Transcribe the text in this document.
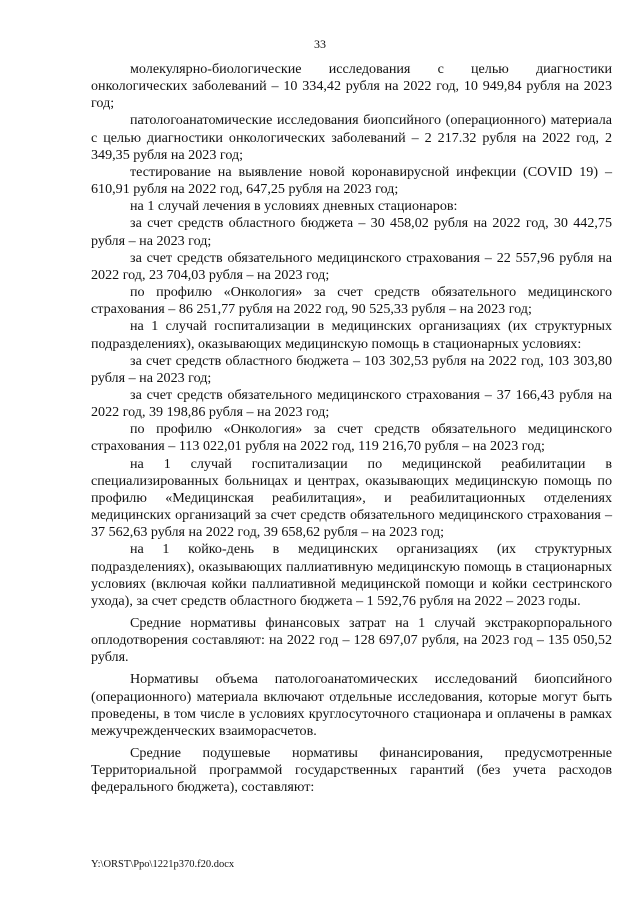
33

молекулярно-биологические исследования с целью диагностики онкологических заболеваний – 10 334,42 рубля на 2022 год, 10 949,84 рубля на 2023 год;

патологоанатомические исследования биопсийного (операционного) материала с целью диагностики онкологических заболеваний – 2 217.32 рубля на 2022 год, 2 349,35 рубля на 2023 год;

тестирование на выявление новой коронавирусной инфекции (COVID 19) – 610,91 рубля на 2022 год, 647,25 рубля на 2023 год;

на 1 случай лечения в условиях дневных стационаров:

за счет средств областного бюджета – 30 458,02 рубля на 2022 год, 30 442,75 рубля – на 2023 год;

за счет средств обязательного медицинского страхования – 22 557,96 рубля на 2022 год, 23 704,03 рубля – на 2023 год;

по профилю «Онкология» за счет средств обязательного медицинского страхования – 86 251,77 рубля на 2022 год, 90 525,33 рубля – на 2023 год;

на 1 случай госпитализации в медицинских организациях (их структурных подразделениях), оказывающих медицинскую помощь в стационарных условиях:

за счет средств областного бюджета – 103 302,53 рубля на 2022 год, 103 303,80 рубля – на 2023 год;

за счет средств обязательного медицинского страхования – 37 166,43 рубля на 2022 год, 39 198,86 рубля – на 2023 год;

по профилю «Онкология» за счет средств обязательного медицинского страхования – 113 022,01 рубля на 2022 год, 119 216,70 рубля – на 2023 год;

на 1 случай госпитализации по медицинской реабилитации в специализированных больницах и центрах, оказывающих медицинскую помощь по профилю «Медицинская реабилитация», и реабилитационных отделениях медицинских организаций за счет средств обязательного медицинского страхования – 37 562,63 рубля на 2022 год, 39 658,62 рубля – на 2023 год;

на 1 койко-день в медицинских организациях (их структурных подразделениях), оказывающих паллиативную медицинскую помощь в стационарных условиях (включая койки паллиативной медицинской помощи и койки сестринского ухода), за счет средств областного бюджета – 1 592,76 рубля на 2022 – 2023 годы.

Средние нормативы финансовых затрат на 1 случай экстракорпорального оплодотворения составляют: на 2022 год – 128 697,07 рубля, на 2023 год – 135 050,52 рубля.

Нормативы объема патологоанатомических исследований биопсийного (операционного) материала включают отдельные исследования, которые могут быть проведены, в том числе в условиях круглосуточного стационара и оплачены в рамках межучрежденческих взаиморасчетов.

Средние подушевые нормативы финансирования, предусмотренные Территориальной программой государственных гарантий (без учета расходов федерального бюджета), составляют:

Y:\ORST\Ppo\1221p370.f20.docx
